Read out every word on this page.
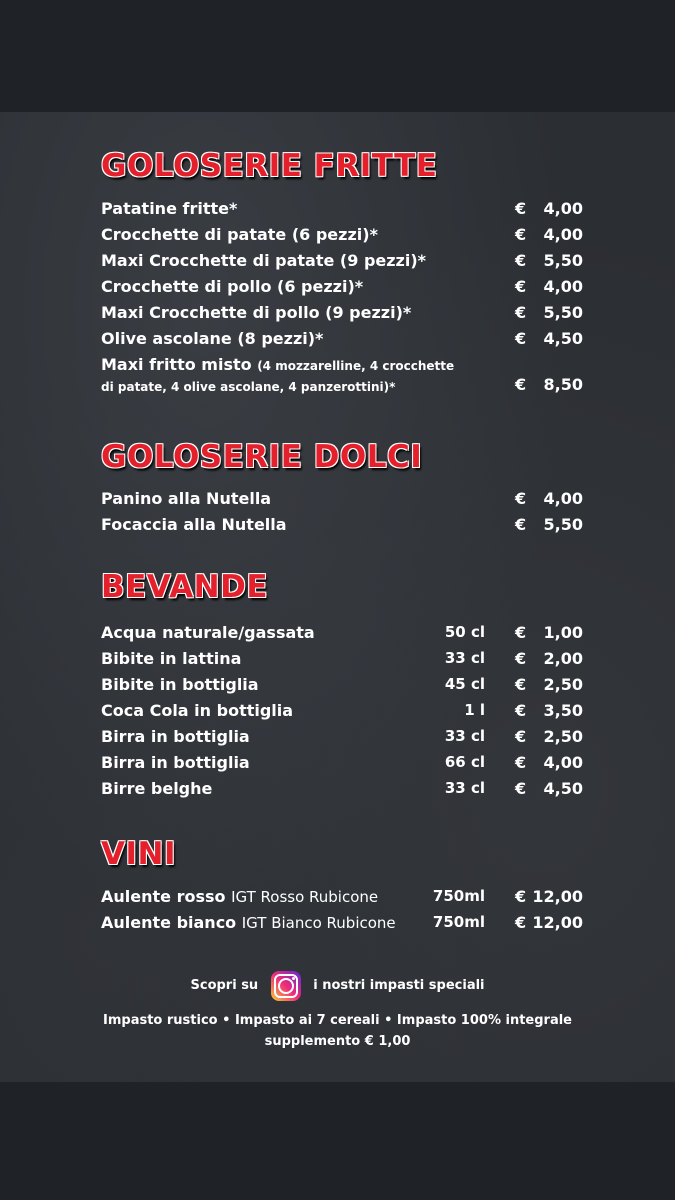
GOLOSERIE FRITTE
Patatine fritte*	€ 4,00
Crocchette di patate (6 pezzi)*	€ 4,00
Maxi Crocchette di patate (9 pezzi)*	€ 5,50
Crocchette di pollo (6 pezzi)*	€ 4,00
Maxi Crocchette di pollo (9 pezzi)*	€ 5,50
Olive ascolane (8 pezzi)*	€ 4,50
Maxi fritto misto (4 mozzarelline, 4 crocchette
di patate, 4 olive ascolane, 4 panzerottini)*	€ 8,50
GOLOSERIE DOLCI
Panino alla Nutella	€ 4,00
Focaccia alla Nutella	€ 5,50
BEVANDE
Acqua naturale/gassata	50 cl € 1,00
Bibite in lattina	33 cl € 2,00
Bibite in bottiglia	45 cl € 2,50
Coca Cola in bottiglia	1 l € 3,50
Birra in bottiglia	33 cl € 2,50
Birra in bottiglia	66 cl € 4,00
Birre belghe	33 cl € 4,50
VINI
Aulente rosso IGT Rosso Rubicone	750ml € 12,00
Aulente bianco IGT Bianco Rubicone 750ml € 12,00
Scopri su	i nostri impasti speciali
Impasto rustico • Impasto ai 7 cereali • Impasto 100% integrale
supplemento € 1,00
